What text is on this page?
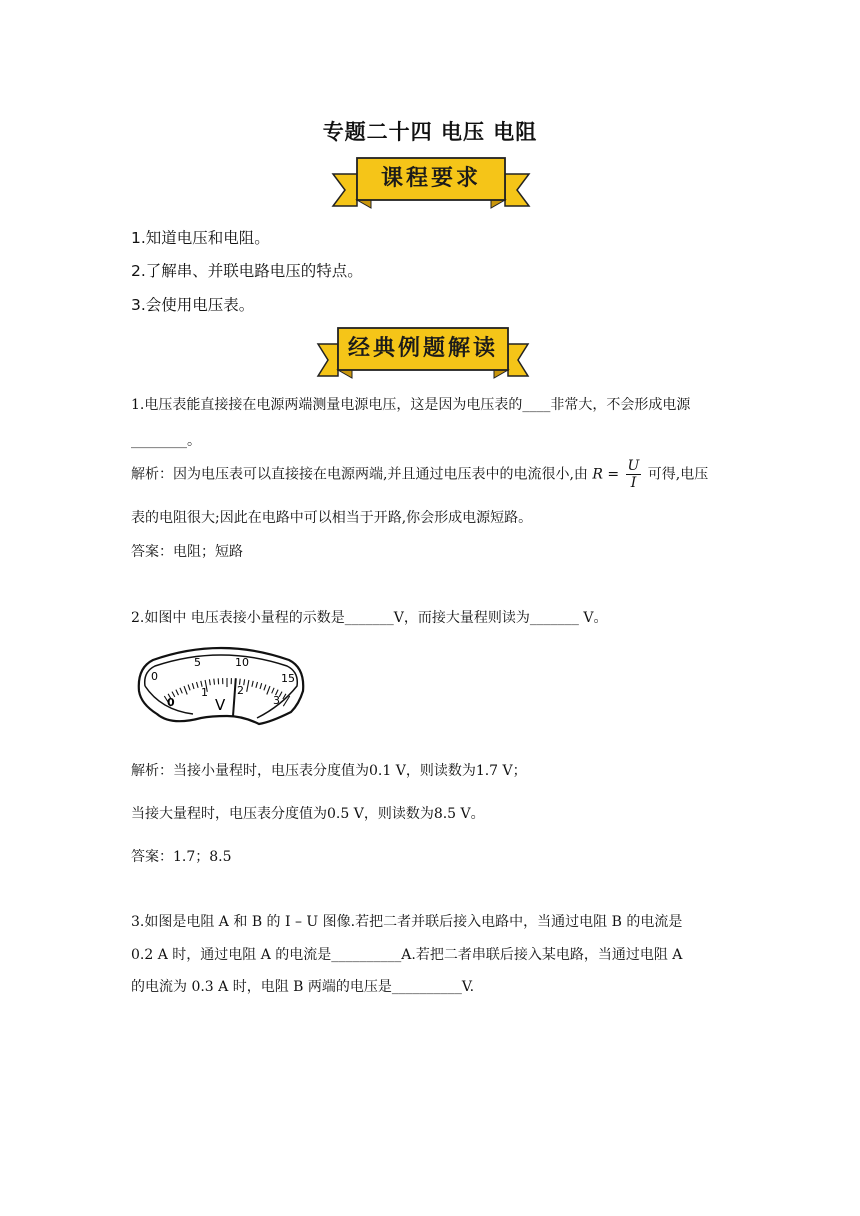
专题二十四 电压 电阻
课程要求
1.知道电压和电阻。
2.了解串、并联电路电压的特点。
3.会使用电压表。
经典例题解读
1.电压表能直接接在电源两端测量电源电压，这是因为电压表的____非常大，不会形成电源
________。
解析：因为电压表可以直接接在电源两端,并且通过电压表中的电流很小,由 $R = \frac{U}{I}$ 可得,电压
表的电阻很大;因此在电路中可以相当于开路,你会形成电源短路。
答案：电阻；短路
2.如图中 电压表接小量程的示数是_______V，而接大量程则读为_______ V。
0
5	10
15
0
1	2
3
V
解析：当接小量程时，电压表分度值为0.1 V，则读数为1.7 V；
当接大量程时，电压表分度值为0.5 V，则读数为8.5 V。
答案：1.7；8.5
3.如图是电阻 A 和 B 的 I – U 图像.若把二者并联后接入电路中，当通过电阻 B 的电流是
0.2 A 时，通过电阻 A 的电流是__________A.若把二者串联后接入某电路，当通过电阻 A
的电流为 0.3 A 时，电阻 B 两端的电压是__________V.
